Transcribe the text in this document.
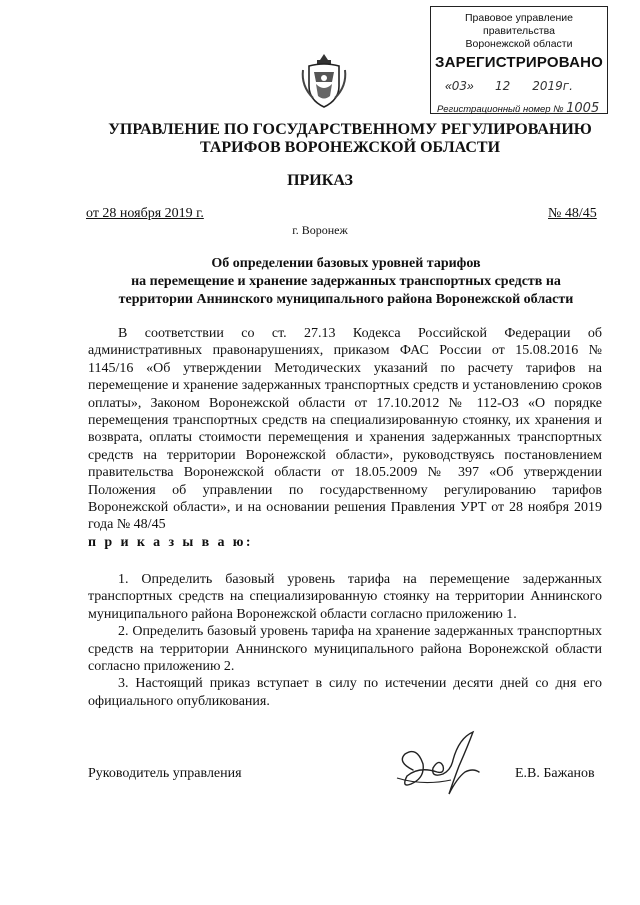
Правовое управление правительства
Воронежской области
ЗАРЕГИСТРИРОВАНО
«03» 12 2019г.
Регистрационный номер № 1005
УПРАВЛЕНИЕ ПО ГОСУДАРСТВЕННОМУ РЕГУЛИРОВАНИЮ
ТАРИФОВ ВОРОНЕЖСКОЙ ОБЛАСТИ
ПРИКАЗ
от 28 ноября 2019 г.	№ 48/45
г. Воронеж
Об определении базовых уровней тарифов
на перемещение и хранение задержанных транспортных средств на
территории Аннинского муниципального района Воронежской области
В соответствии со ст. 27.13 Кодекса Российской Федерации об административных правонарушениях, приказом ФАС России от 15.08.2016 № 1145/16 «Об утверждении Методических указаний по расчету тарифов на перемещение и хранение задержанных транспортных средств и установлению сроков оплаты», Законом Воронежской области от 17.10.2012 № 112-ОЗ «О порядке перемещения транспортных средств на специализированную стоянку, их хранения и возврата, оплаты стоимости перемещения и хранения задержанных транспортных средств на территории Воронежской области», руководствуясь постановлением правительства Воронежской области от 18.05.2009 № 397 «Об утверждении Положения об управлении по государственному регулированию тарифов Воронежской области», и на основании решения Правления УРТ от 28 ноября 2019 года № 48/45
п р и к а з ы в а ю:

1. Определить базовый уровень тарифа на перемещение задержанных транспортных средств на специализированную стоянку на территории Аннинского муниципального района Воронежской области согласно приложению 1.

2. Определить базовый уровень тарифа на хранение задержанных транспортных средств на территории Аннинского муниципального района Воронежской области согласно приложению 2.

3. Настоящий приказ вступает в силу по истечении десяти дней со дня его официального опубликования.

Руководитель управления	Е.В. Бажанов
